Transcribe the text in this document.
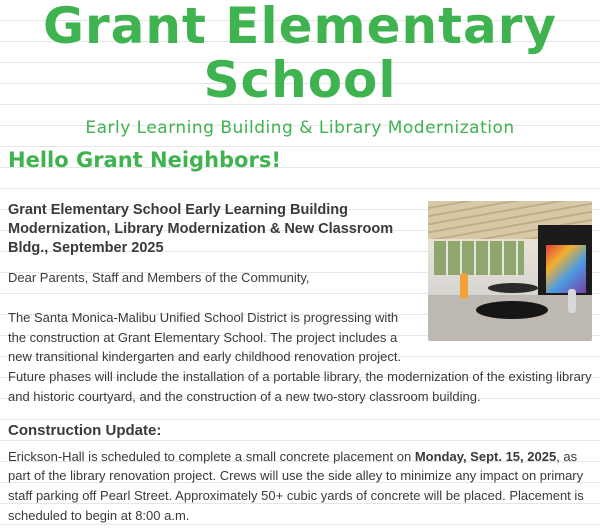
Grant Elementary
School
Early Learning Building & Library Modernization
Hello Grant Neighbors!
Grant Elementary School Early Learning Building Modernization, Library Modernization & New Classroom Bldg., September 2025

Dear Parents, Staff and Members of the Community,

The Santa Monica-Malibu Unified School District is progressing with the construction at Grant Elementary School. The project includes a new transitional kindergarten and early childhood renovation project. Future phases will include the installation of a portable library, the modernization of the existing library and historic courtyard, and the construction of a new two-story classroom building.

Construction Update:

Erickson-Hall is scheduled to complete a small concrete placement on Monday, Sept. 15, 2025, as part of the library renovation project. Crews will use the side alley to minimize any impact on primary staff parking off Pearl Street. Approximately 50+ cubic yards of concrete will be placed. Placement is scheduled to begin at 8:00 a.m.
